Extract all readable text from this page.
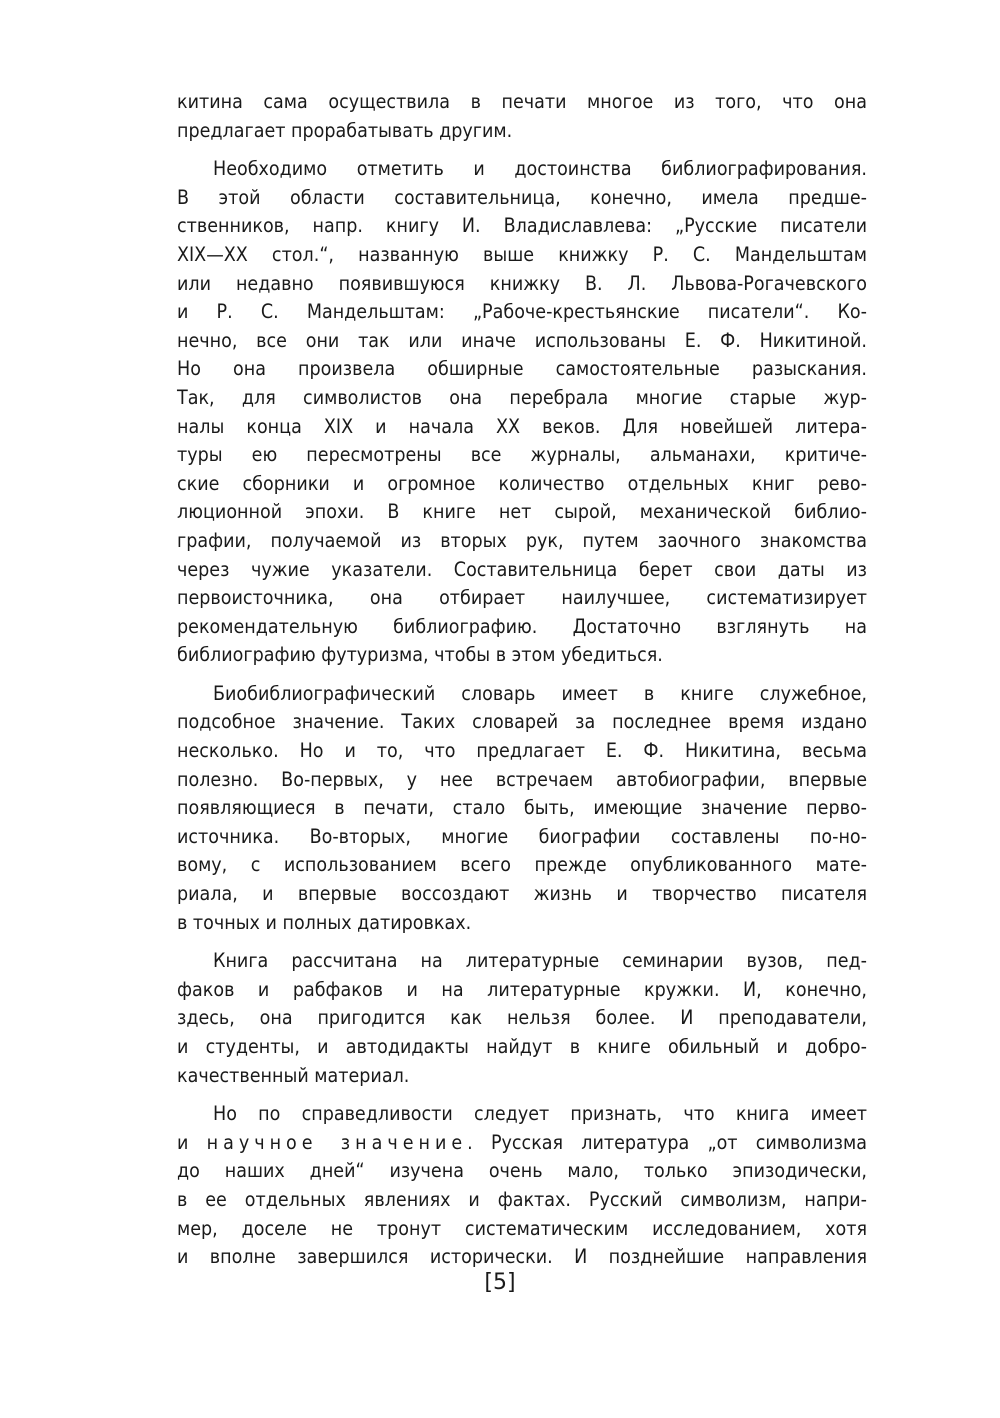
китина сама осуществила в печати многое из того, что она
предлагает прорабатывать другим.
Необходимо отметить и достоинства библиографирования.
В этой области составительница, конечно, имела предше-
ственников, напр. книгу И. Владиславлева: „Русские писатели
XIX—XX стол.“, названную выше книжку Р. С. Мандельштам
или недавно появившуюся книжку В. Л. Львова-Рогачевского
и Р. С. Мандельштам: „Рабоче-крестьянские писатели“. Ко-
нечно, все они так или иначе использованы Е. Ф. Никитиной.
Но она произвела обширные самостоятельные разыскания.
Так, для символистов она перебрала многие старые жур-
налы конца XIX и начала XX веков. Для новейшей литера-
туры ею пересмотрены все журналы, альманахи, критиче-
ские сборники и огромное количество отдельных книг рево-
люционной эпохи. В книге нет сырой, механической библио-
графии, получаемой из вторых рук, путем заочного знакомства
через чужие указатели. Составительница берет свои даты из
первоисточника, она отбирает наилучшее, систематизирует
рекомендательную библиографию. Достаточно взглянуть на
библиографию футуризма, чтобы в этом убедиться.
Биобиблиографический словарь имеет в книге служебное,
подсобное значение. Таких словарей за последнее время издано
несколько. Но и то, что предлагает Е. Ф. Никитина, весьма
полезно. Во-первых, у нее встречаем автобиографии, впервые
появляющиеся в печати, стало быть, имеющие значение перво-
источника. Во-вторых, многие биографии составлены по-но-
вому, с использованием всего прежде опубликованного мате-
риала, и впервые воссоздают жизнь и творчество писателя
в точных и полных датировках.
Книга рассчитана на литературные семинарии вузов, пед-
факов и рабфаков и на литературные кружки. И, конечно,
здесь, она пригодится как нельзя более. И преподаватели,
и студенты, и автодидакты найдут в книге обильный и добро-
качественный материал.
Но по справедливости следует признать, что книга имеет
и научное значение. Русская литература „от символизма
до наших дней“ изучена очень мало, только эпизодически,
в ее отдельных явлениях и фактах. Русский символизм, напри-
мер, доселе не тронут систематическим исследованием, хотя
и вполне завершился исторически. И позднейшие направления
[5]
